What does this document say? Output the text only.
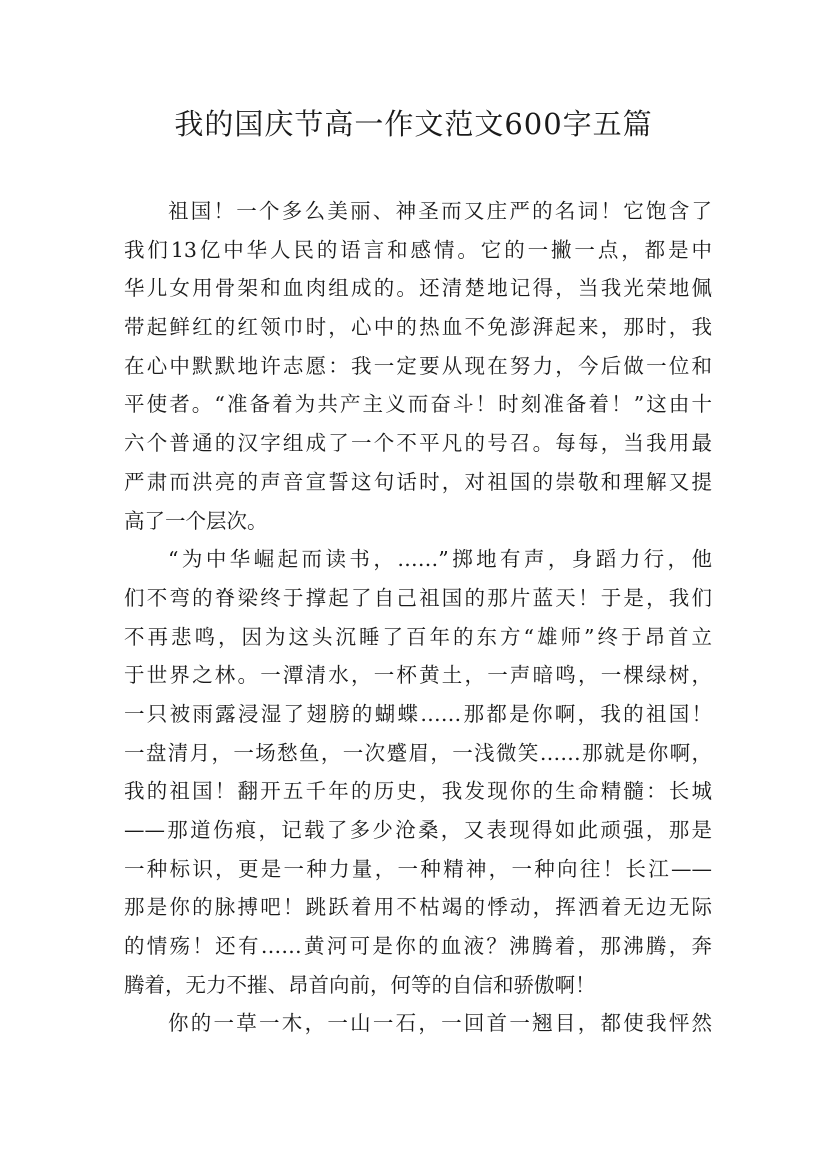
我的国庆节高一作文范文600字五篇
祖国！一个多么美丽、神圣而又庄严的名词！它饱含了
我们13亿中华人民的语言和感情。它的一撇一点，都是中
华儿女用骨架和血肉组成的。还清楚地记得，当我光荣地佩
带起鲜红的红领巾时，心中的热血不免澎湃起来，那时，我
在心中默默地许志愿：我一定要从现在努力，今后做一位和
平使者。“准备着为共产主义而奋斗！时刻准备着！”这由十
六个普通的汉字组成了一个不平凡的号召。每每，当我用最
严肃而洪亮的声音宣誓这句话时，对祖国的崇敬和理解又提
高了一个层次。
“为中华崛起而读书，……”掷地有声，身蹈力行，他
们不弯的脊梁终于撑起了自己祖国的那片蓝天！于是，我们
不再悲鸣，因为这头沉睡了百年的东方“雄师”终于昂首立
于世界之林。一潭清水，一杯黄土，一声暗鸣，一棵绿树，
一只被雨露浸湿了翅膀的蝴蝶……那都是你啊，我的祖国！
一盘清月，一场愁鱼，一次蹙眉，一浅微笑……那就是你啊，
我的祖国！翻开五千年的历史，我发现你的生命精髓：长城
——那道伤痕，记载了多少沧桑，又表现得如此顽强，那是
一种标识，更是一种力量，一种精神，一种向往！长江——
那是你的脉搏吧！跳跃着用不枯竭的悸动，挥洒着无边无际
的情殇！还有……黄河可是你的血液？沸腾着，那沸腾，奔
腾着，无力不摧、昂首向前，何等的自信和骄傲啊！
你的一草一木，一山一石，一回首一翘目，都使我怦然
